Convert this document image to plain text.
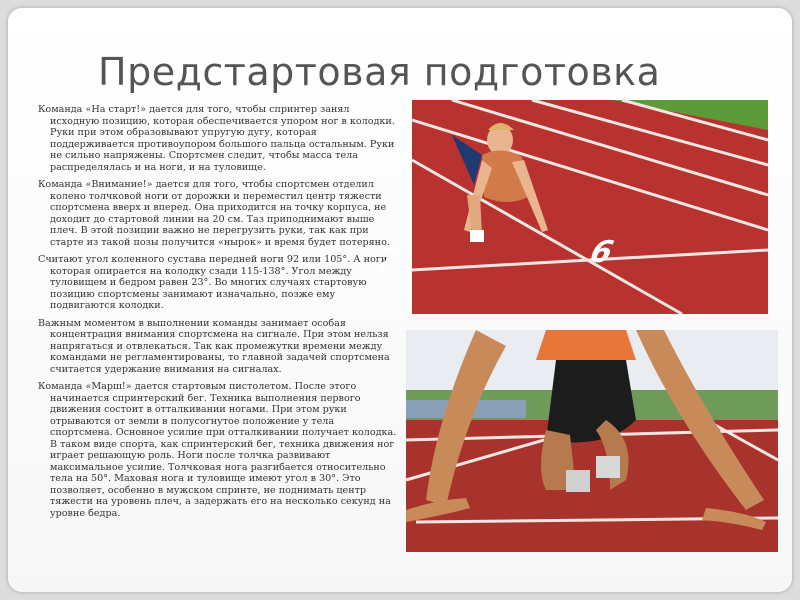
Предстартовая подготовка

Команда «На старт!» дается для того, чтобы спринтер занял исходную позицию, которая обеспечивается упором ног в колодки. Руки при этом образовывают упругую дугу, которая поддерживается противоупором большого пальца остальным. Руки не сильно напряжены. Спортсмен следит, чтобы масса тела распределялась и на ноги, и на туловище.

Команда «Внимание!» дается для того, чтобы спортсмен отделил колено толчковой ноги от дорожки и переместил центр тяжести спортсмена вверх и вперед. Она приходится на точку корпуса, не доходит до стартовой линии на 20 см. Таз приподнимают выше плеч. В этой позиции важно не перегрузить руки, так как при старте из такой позы получится «нырок» и время будет потеряно.

Считают угол коленного сустава передней ноги 92 или 105°. А ноги, которая опирается на колодку сзади 115-138°. Угол между туловищем и бедром равен 23°. Во многих случаях стартовую позицию спортсмены занимают изначально, позже ему подвигаются колодки.

Важным моментом в выполнении команды занимает особая концентрация внимания спортсмена на сигнале. При этом нельзя напрягаться и отвлекаться. Так как промежутки времени между командами не регламентированы, то главной задачей спортсмена считается удержание внимания на сигналах.

Команда «Марш!» дается стартовым пистолетом. После этого начинается спринтерский бег. Техника выполнения первого движения состоит в отталкивании ногами. При этом руки отрываются от земли в полусогнутое положение у тела спортсмена. Основное усилие при отталкивании получает колодка. В таком виде спорта, как спринтерский бег, техника движения ног играет решающую роль. Ноги после толчка развивают максимальное усилие. Толчковая нога разгибается относительно тела на 50°. Маховая нога и туловище имеют угол в 30°. Это позволяет, особенно в мужском спринте, не поднимать центр тяжести на уровень плеч, а задержать его на несколько секунд на уровне бедра.

7	6
